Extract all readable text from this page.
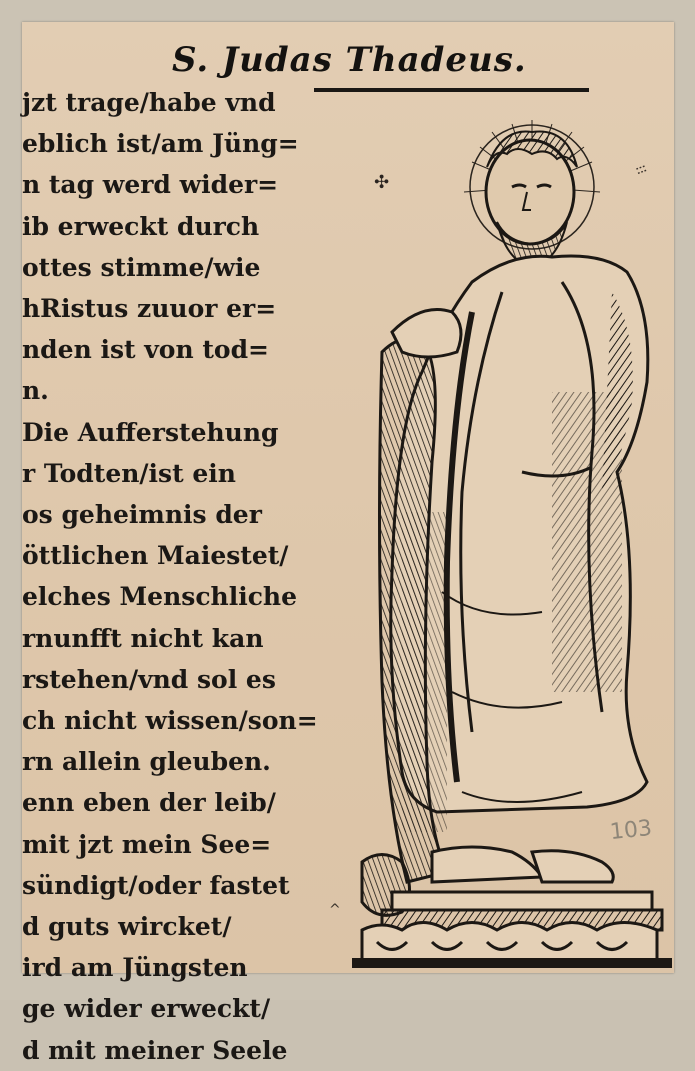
S. Judas Thadeus.
jzt trage/habe vnd
eblich ist/am Jüng=
n tag werd wider=
ib erweckt durch
ottes stimme/wie
hRistus zuuor er=
nden ist von tod=
n.
Die Aufferstehung
r Todten/ist ein
os geheimnis der
öttlichen Maiestet/
elches Menschliche
rnunfft nicht kan
rstehen/vnd sol es
ch nicht wissen/son=
rn allein gleuben.
enn eben der leib/
mit jzt mein See=
sündigt/oder fastet
d guts wircket/
ird am Jüngsten
ge wider erweckt/
d mit meiner Seele
✣
⁝⁝
103
^
